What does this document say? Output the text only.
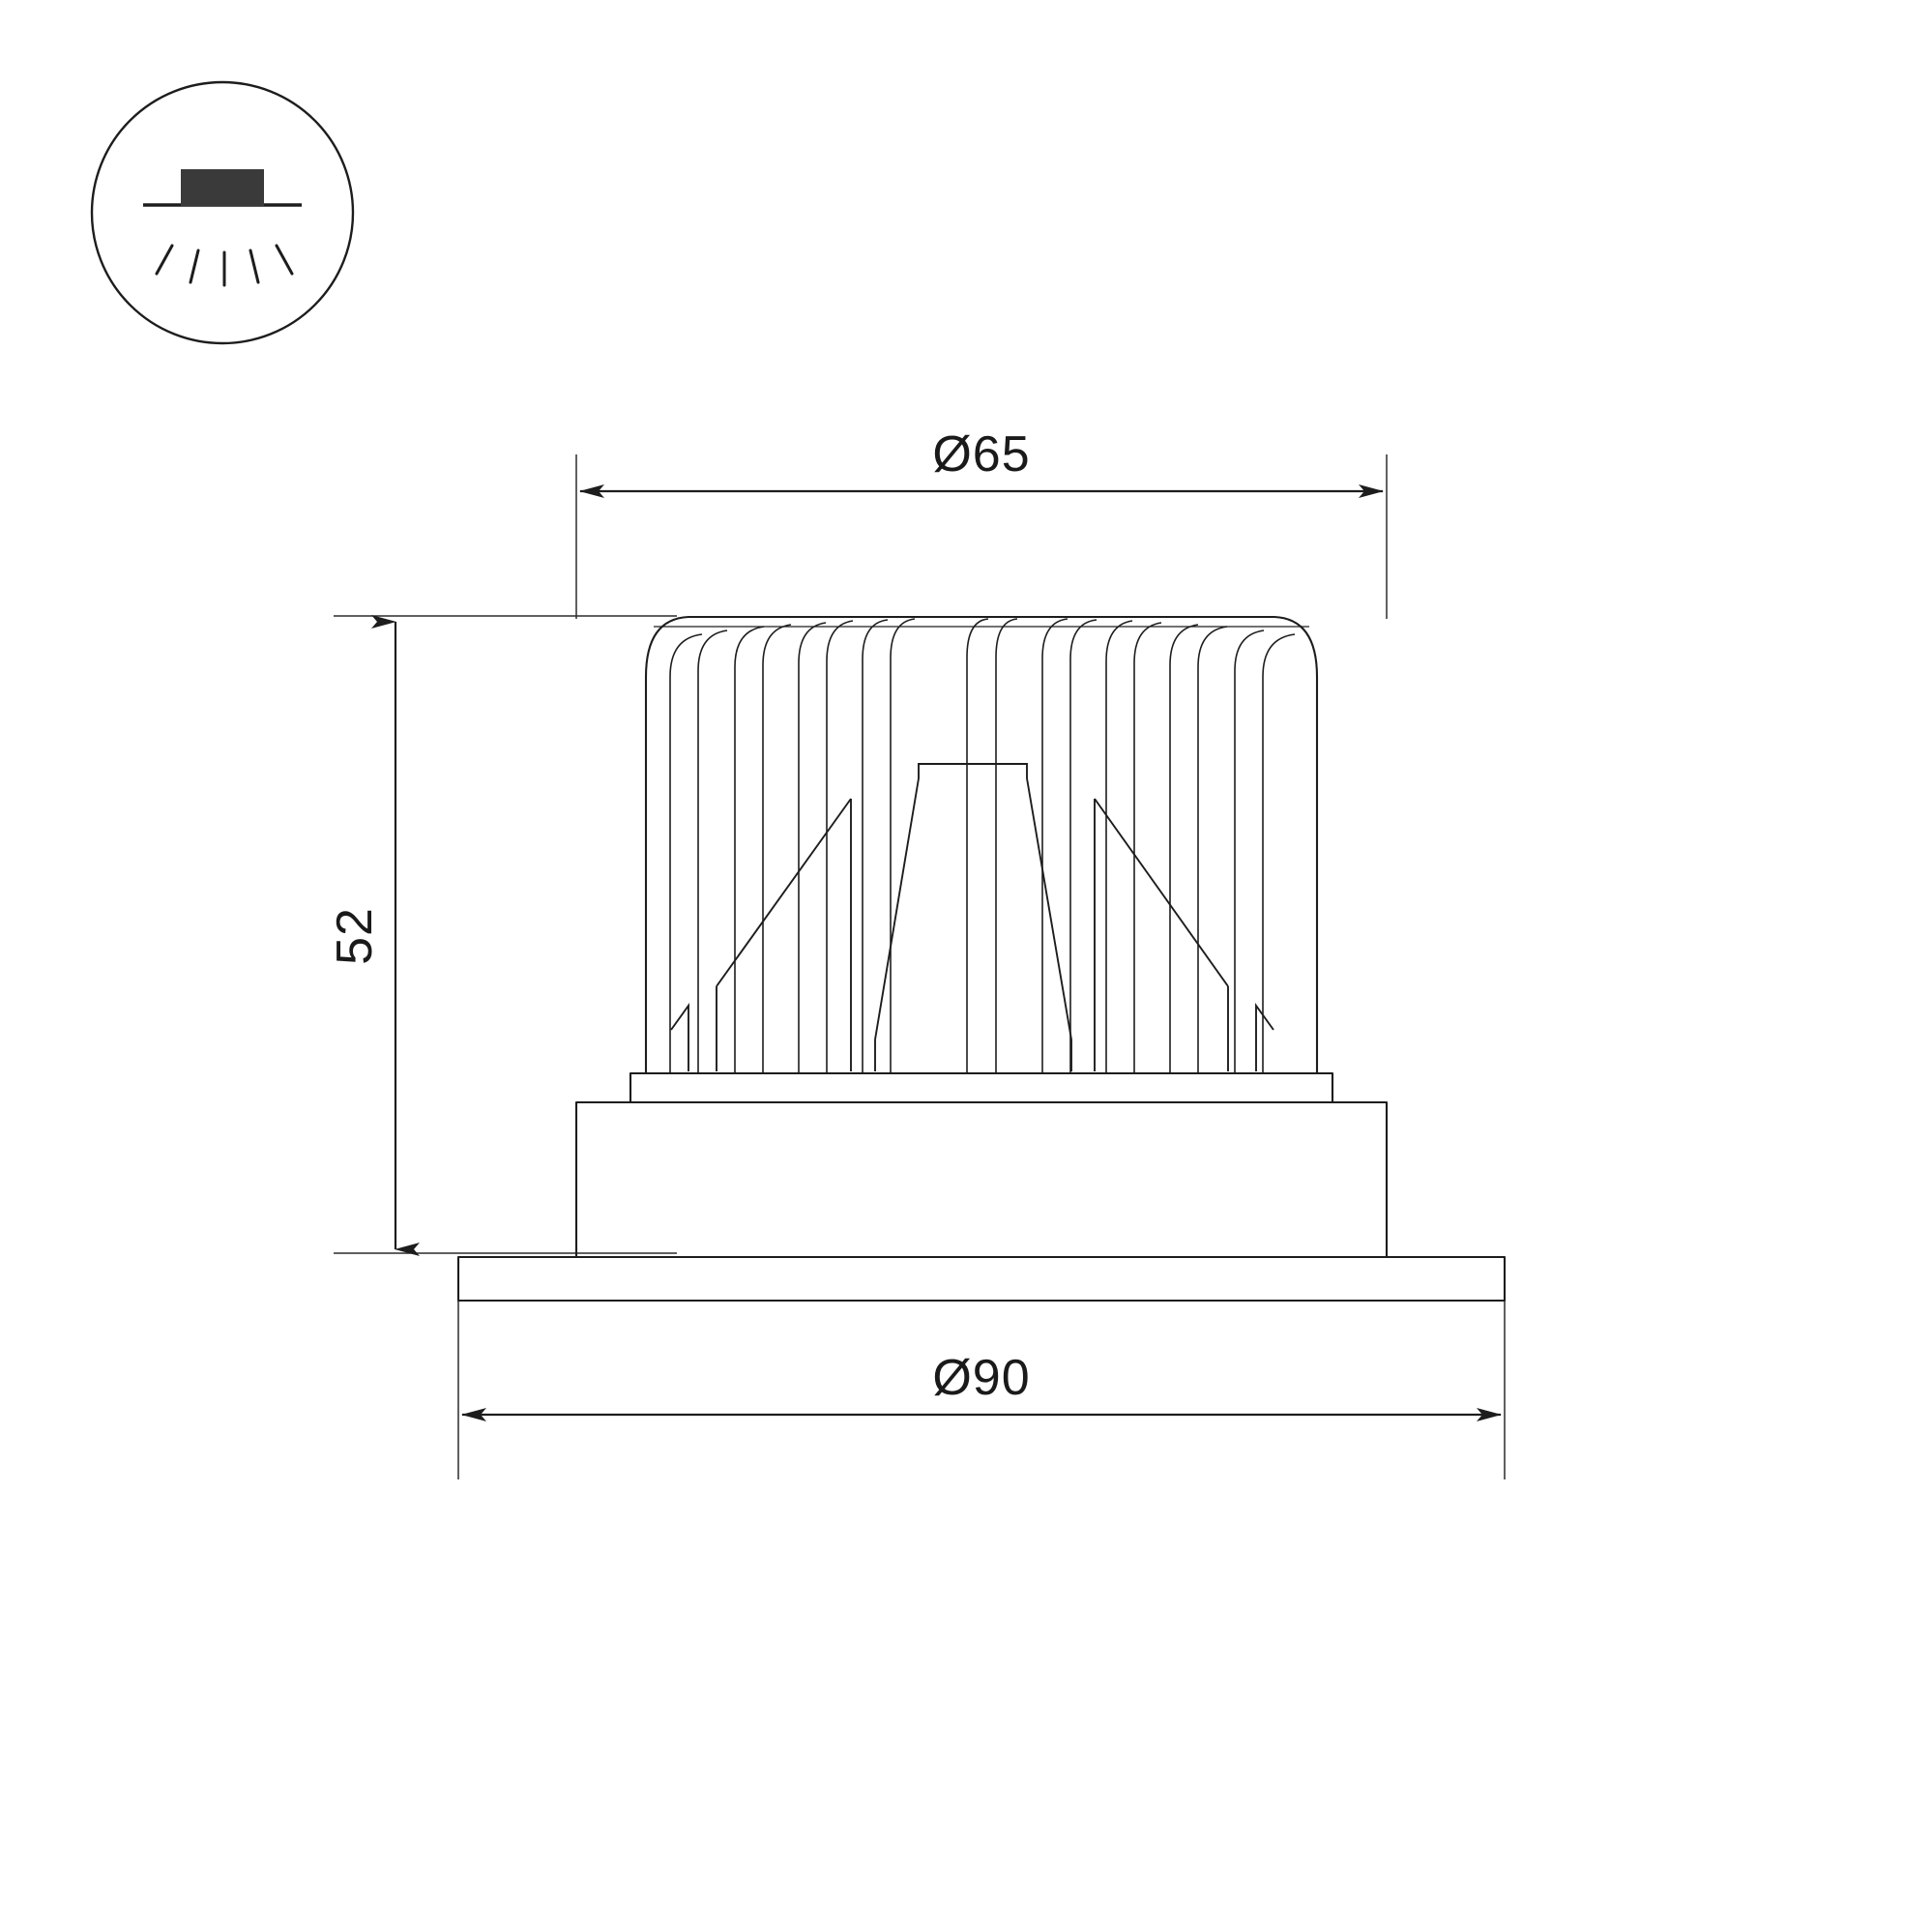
Ø65
52
Ø90
